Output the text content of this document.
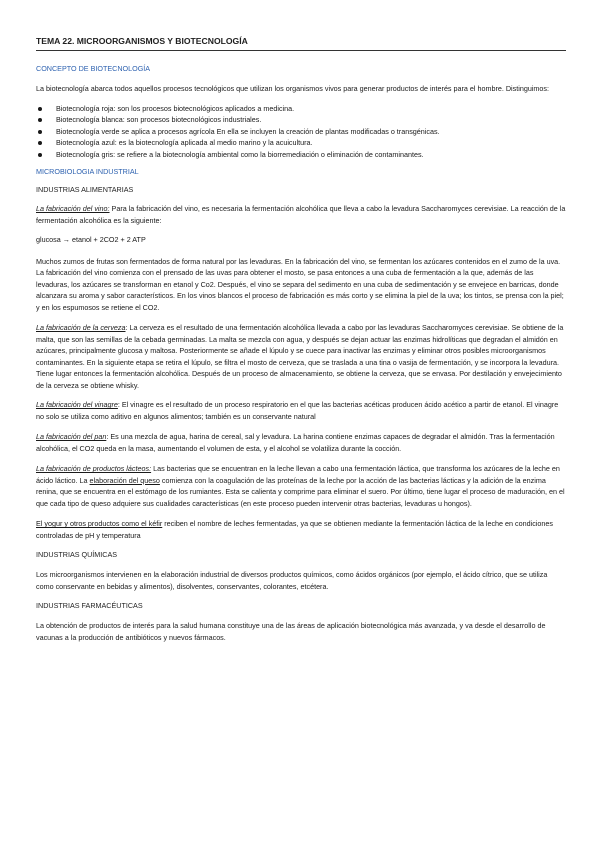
TEMA 22. MICROORGANISMOS Y BIOTECNOLOGÍA
CONCEPTO DE BIOTECNOLOGÍA

La biotecnología abarca todos aquellos procesos tecnológicos que utilizan los organismos vivos para generar productos de interés para el hombre. Distinguimos:

Biotecnología roja: son los procesos biotecnológicos aplicados a medicina.
Biotecnología blanca: son procesos biotecnológicos industriales.
Biotecnología verde se aplica a procesos agrícola En ella se incluyen la creación de plantas modificadas o transgénicas.
Biotecnología azul: es la biotecnología aplicada al medio marino y la acuicultura.
Biotecnología gris: se refiere a la biotecnología ambiental como la biorremediación o eliminación de contaminantes.
MICROBIOLOGIA INDUSTRIAL
INDUSTRIAS ALIMENTARIAS

La fabricación del vino: Para la fabricación del vino, es necesaria la fermentación alcohólica que lleva a cabo la levadura Saccharomyces cerevisiae. La reacción de la fermentación alcohólica es la siguiente:

glucosa → etanol + 2CO2 + 2 ATP

Muchos zumos de frutas son fermentados de forma natural por las levaduras. En la fabricación del vino, se fermentan los azúcares contenidos en el zumo de la uva. La fabricación del vino comienza con el prensado de las uvas para obtener el mosto, se pasa entonces a una cuba de fermentación a la que, además de las levaduras, los azúcares se transforman en etanol y Co2. Después, el vino se separa del sedimento en una cuba de sedimentación y se envejece en barricas, donde alcanzara su aroma y sabor característicos. En los vinos blancos el proceso de fabricación es más corto y se elimina la piel de la uva; los tintos, se prensa con la piel; y en los espumosos se retiene el CO2.

La fabricación de la cerveza: La cerveza es el resultado de una fermentación alcohólica llevada a cabo por las levaduras Saccharomyces cerevisiae. Se obtiene de la malta, que son las semillas de la cebada germinadas. La malta se mezcla con agua, y después se dejan actuar las enzimas hidrolíticas que degradan el almidón en azúcares, principalmente glucosa y maltosa. Posteriormente se añade el lúpulo y se cuece para inactivar las enzimas y eliminar otros posibles microorganismos contaminantes. En la siguiente etapa se retira el lúpulo, se filtra el mosto de cerveza, que se traslada a una tina o vasija de fermentación, y se incorpora la levadura. Tiene lugar entonces la fermentación alcohólica. Después de un proceso de almacenamiento, se obtiene la cerveza, que se envasa. Por destilación y envejecimiento de la cerveza se obtiene whisky.

La fabricación del vinagre: El vinagre es el resultado de un proceso respiratorio en el que las bacterias acéticas producen ácido acético a partir de etanol. El vinagre no solo se utiliza como aditivo en algunos alimentos; también es un conservante natural

La fabricación del pan: Es una mezcla de agua, harina de cereal, sal y levadura. La harina contiene enzimas capaces de degradar el almidón. Tras la fermentación alcohólica, el CO2 queda en la masa, aumentando el volumen de esta, y el alcohol se volatiliza durante la cocción.

La fabricación de productos lácteos: Las bacterias que se encuentran en la leche llevan a cabo una fermentación láctica, que transforma los azúcares de la leche en ácido láctico. La elaboración del queso comienza con la coagulación de las proteínas de la leche por la acción de las bacterias lácticas y la adición de la enzima renina, que se encuentra en el estómago de los rumiantes. Esta se calienta y comprime para eliminar el suero. Por último, tiene lugar el proceso de maduración, en el que cada tipo de queso adquiere sus cualidades características (en este proceso pueden intervenir otras bacterias, levaduras u hongos).

El yogur y otros productos como el kéfir reciben el nombre de leches fermentadas, ya que se obtienen mediante la fermentación láctica de la leche en condiciones controladas de pH y temperatura

INDUSTRIAS QUÍMICAS

Los microorganismos intervienen en la elaboración industrial de diversos productos químicos, como ácidos orgánicos (por ejemplo, el ácido cítrico, que se utiliza como conservante en bebidas y alimentos), disolventes, conservantes, colorantes, etcétera.

INDUSTRIAS FARMACÉUTICAS

La obtención de productos de interés para la salud humana constituye una de las áreas de aplicación biotecnológica más avanzada, y va desde el desarrollo de vacunas a la producción de antibióticos y nuevos fármacos.
